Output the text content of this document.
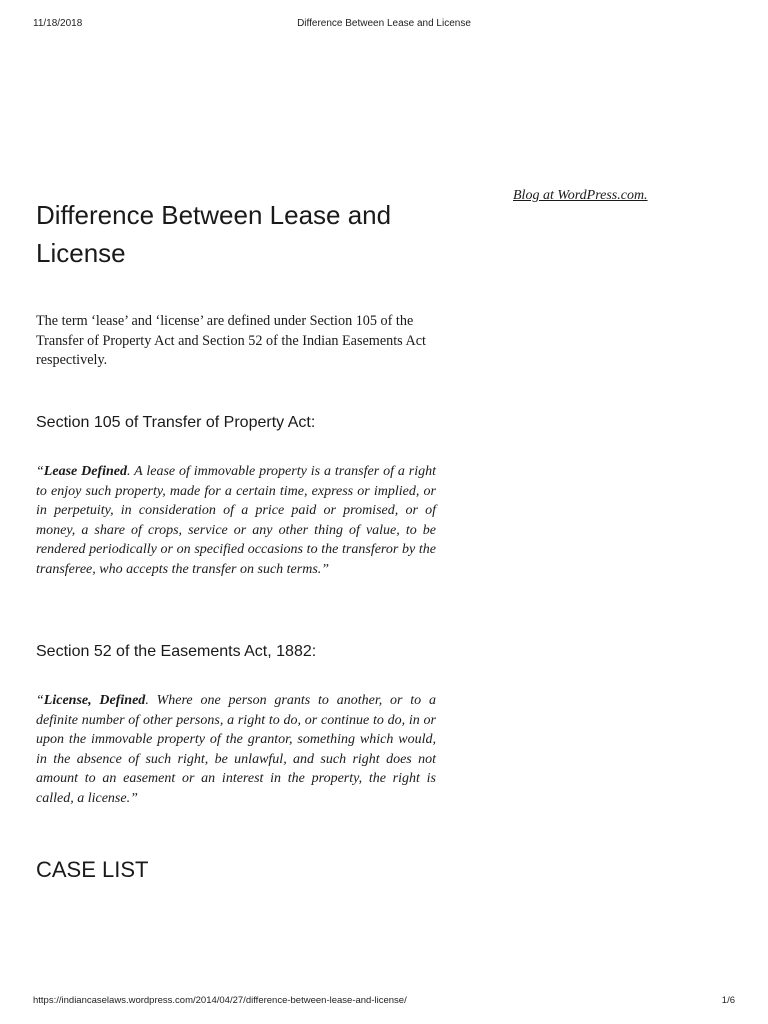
11/18/2018	Difference Between Lease and License
Blog at WordPress.com.
Difference Between Lease and License

The term ‘lease’ and ‘license’ are defined under Section 105 of the Transfer of Property Act and Section 52 of the Indian Easements Act respectively.

Section 105 of Transfer of Property Act:

“Lease Defined. A lease of immovable property is a transfer of a right to enjoy such property, made for a certain time, express or implied, or in perpetuity, in consideration of a price paid or promised, or of money, a share of crops, service or any other thing of value, to be rendered periodically or on specified occasions to the transferor by the transferee, who accepts the transfer on such terms.”

Section 52 of the Easements Act, 1882:

“License, Defined. Where one person grants to another, or to a definite number of other persons, a right to do, or continue to do, in or upon the immovable property of the grantor, something which would, in the absence of such right, be unlawful, and such right does not amount to an easement or an interest in the property, the right is called, a license.”

CASE LIST
https://indiancaselaws.wordpress.com/2014/04/27/difference-between-lease-and-license/	1/6
